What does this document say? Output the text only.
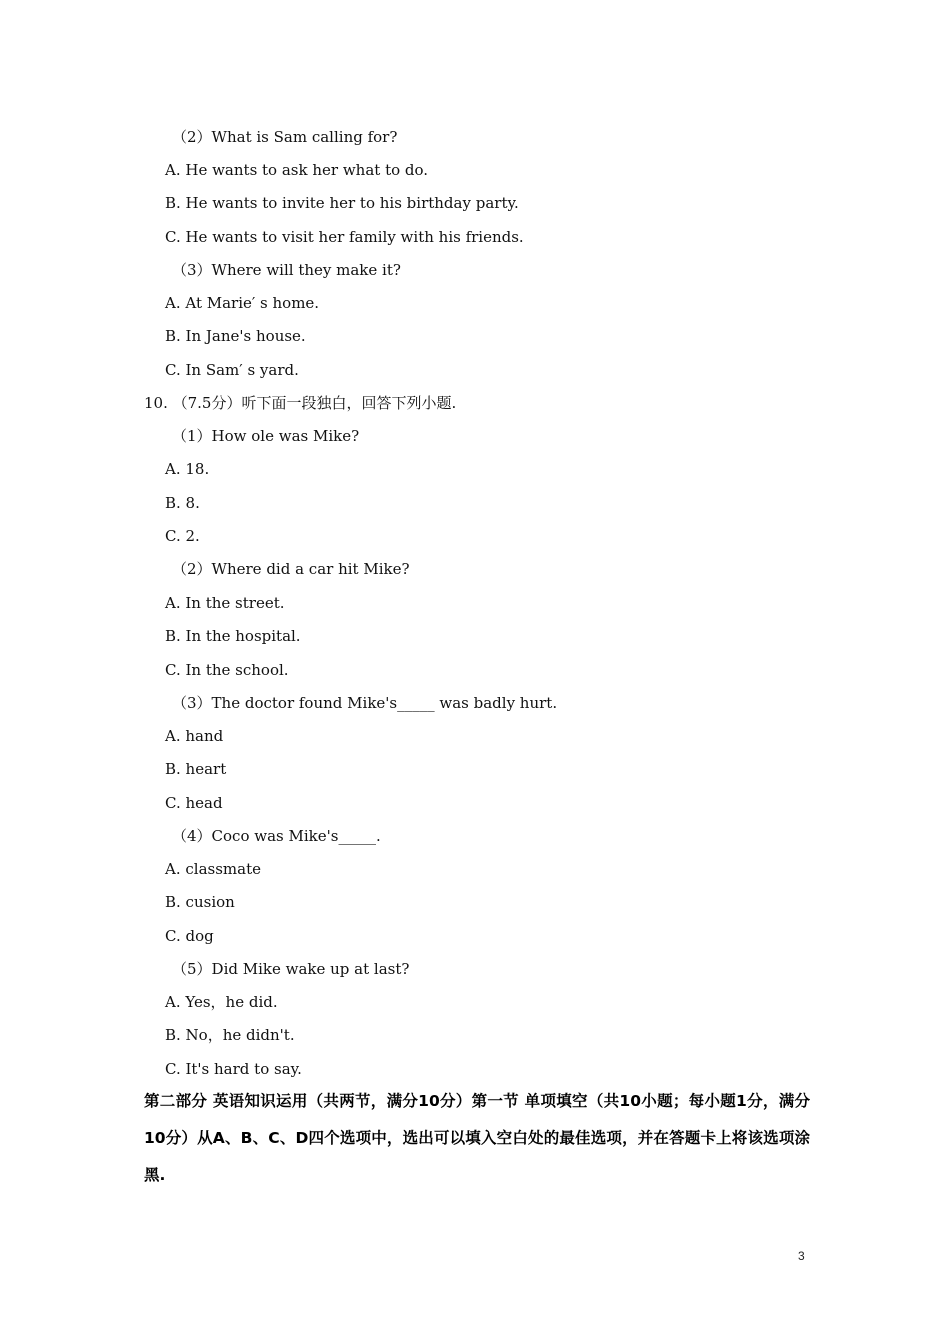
（2）What is Sam calling for?
A. He wants to ask her what to do.
B. He wants to invite her to his birthday party.
C. He wants to visit her family with his friends.
（3）Where will they make it?
A. At Marie′ s home.
B. In Jane's house.
C. In Sam′ s yard.
10. （7.5分）听下面一段独白，回答下列小题.
（1）How ole was Mike?
A. 18.
B. 8.
C. 2.
（2）Where did a car hit Mike?
A. In the street.
B. In the hospital.
C. In the school.
（3）The doctor found Mike's_____ was badly hurt.
A. hand
B. heart
C. head
（4）Coco was Mike's_____.
A. classmate
B. cusion
C. dog
（5）Did Mike wake up at last?
A. Yes，he did.
B. No，he didn't.
C. It's hard to say.
第二部分 英语知识运用（共两节，满分10分）第一节 单项填空（共10小题；每小题1分，满分10分）从A、B、C、D四个选项中，选出可以填入空白处的最佳选项，并在答题卡上将该选项涂黑.
3
